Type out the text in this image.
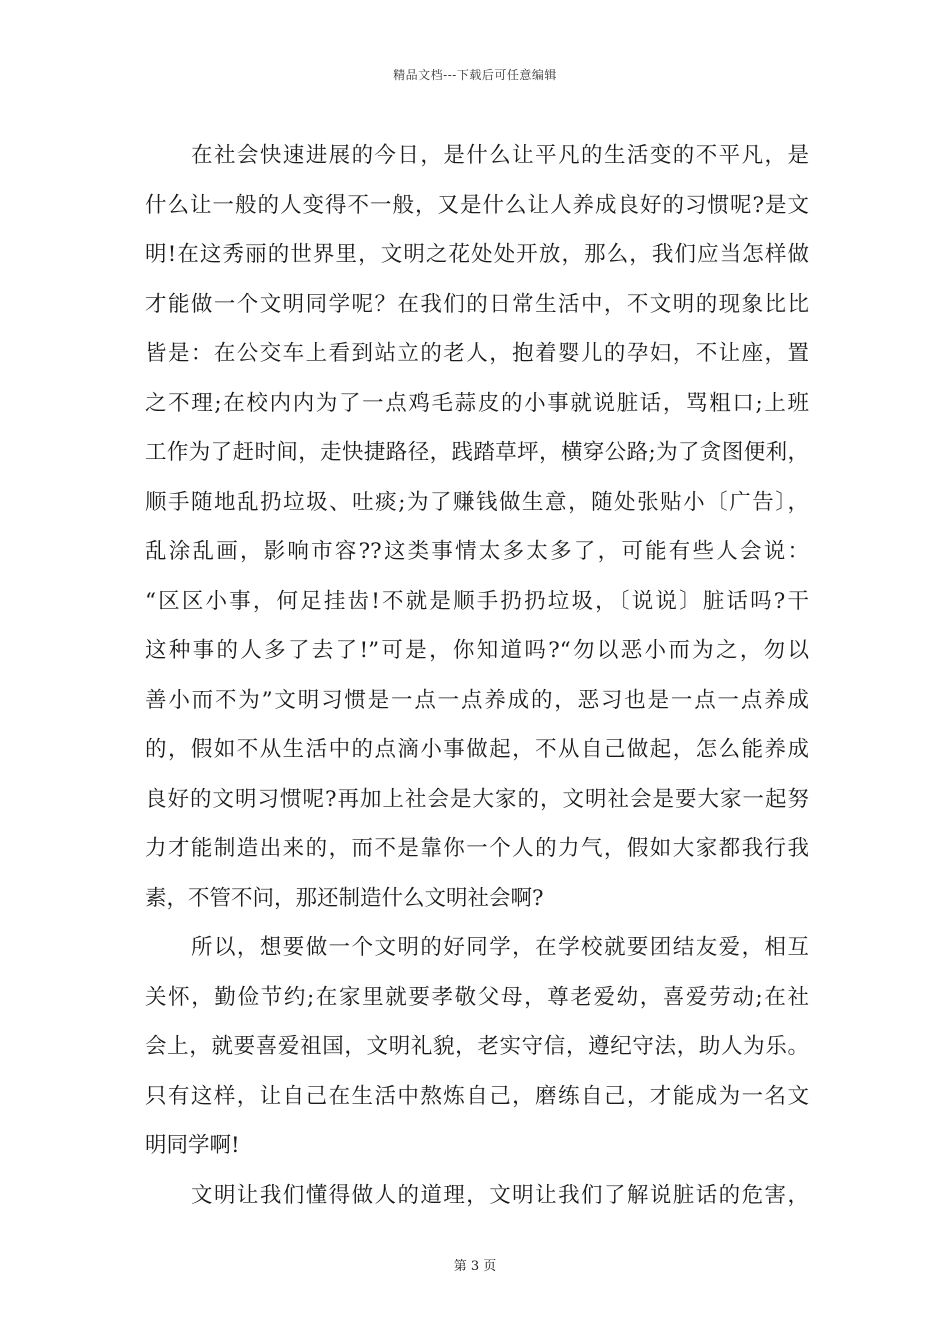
精品文档---下载后可任意编辑
在社会快速进展的今日，是什么让平凡的生活变的不平凡，是
什么让一般的人变得不一般，又是什么让人养成良好的习惯呢?是文
明!在这秀丽的世界里，文明之花处处开放，那么，我们应当怎样做
才能做一个文明同学呢？在我们的日常生活中，不文明的现象比比
皆是：在公交车上看到站立的老人，抱着婴儿的孕妇，不让座，置
之不理;在校内内为了一点鸡毛蒜皮的小事就说脏话，骂粗口;上班
工作为了赶时间，走快捷路径，践踏草坪，横穿公路;为了贪图便利，
顺手随地乱扔垃圾、吐痰;为了赚钱做生意，随处张贴小〔广告〕，
乱涂乱画，影响市容??这类事情太多太多了，可能有些人会说：
“区区小事，何足挂齿!不就是顺手扔扔垃圾，〔说说〕脏话吗?干
这种事的人多了去了!”可是，你知道吗?“勿以恶小而为之，勿以
善小而不为”文明习惯是一点一点养成的，恶习也是一点一点养成
的，假如不从生活中的点滴小事做起，不从自己做起，怎么能养成
良好的文明习惯呢?再加上社会是大家的，文明社会是要大家一起努
力才能制造出来的，而不是靠你一个人的力气，假如大家都我行我
素，不管不问，那还制造什么文明社会啊?
所以，想要做一个文明的好同学，在学校就要团结友爱，相互
关怀，勤俭节约;在家里就要孝敬父母，尊老爱幼，喜爱劳动;在社
会上，就要喜爱祖国，文明礼貌，老实守信，遵纪守法，助人为乐。
只有这样，让自己在生活中熬炼自己，磨练自己，才能成为一名文
明同学啊!
文明让我们懂得做人的道理，文明让我们了解说脏话的危害，
第 3 页
